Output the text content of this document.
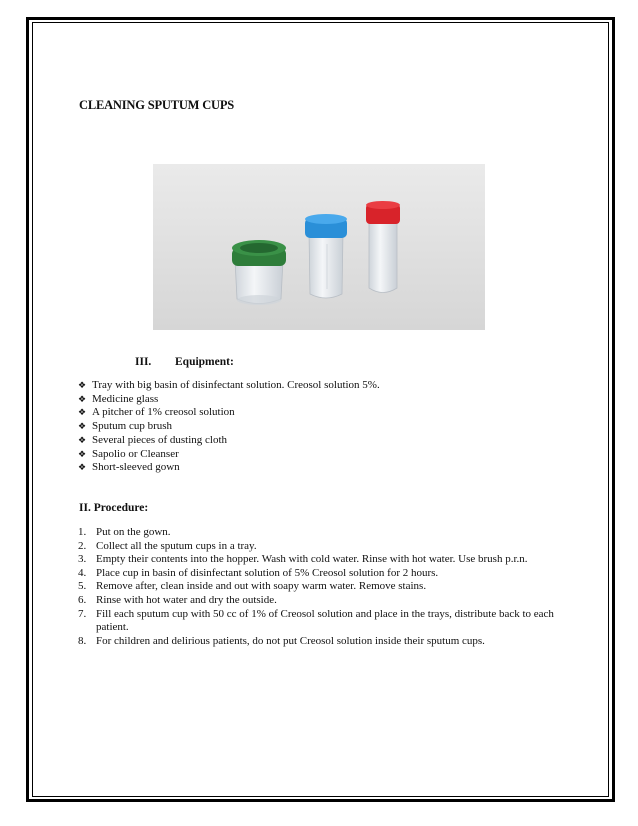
CLEANING SPUTUM CUPS
III. Equipment:
❖ Tray with big basin of disinfectant solution. Creosol solution 5%.
❖ Medicine glass
❖ A pitcher of 1% creosol solution
❖ Sputum cup brush
❖ Several pieces of dusting cloth
❖ Sapolio or Cleanser
❖ Short-sleeved gown
II. Procedure:
1. Put on the gown.
2. Collect all the sputum cups in a tray.
3. Empty their contents into the hopper. Wash with cold water. Rinse with hot water. Use brush p.r.n.
4. Place cup in basin of disinfectant solution of 5% Creosol solution for 2 hours.
5. Remove after, clean inside and out with soapy warm water. Remove stains.
6. Rinse with hot water and dry the outside.
7. Fill each sputum cup with 50 cc of 1% of Creosol solution and place in the trays, distribute back to each patient.
8. For children and delirious patients, do not put Creosol solution inside their sputum cups.
